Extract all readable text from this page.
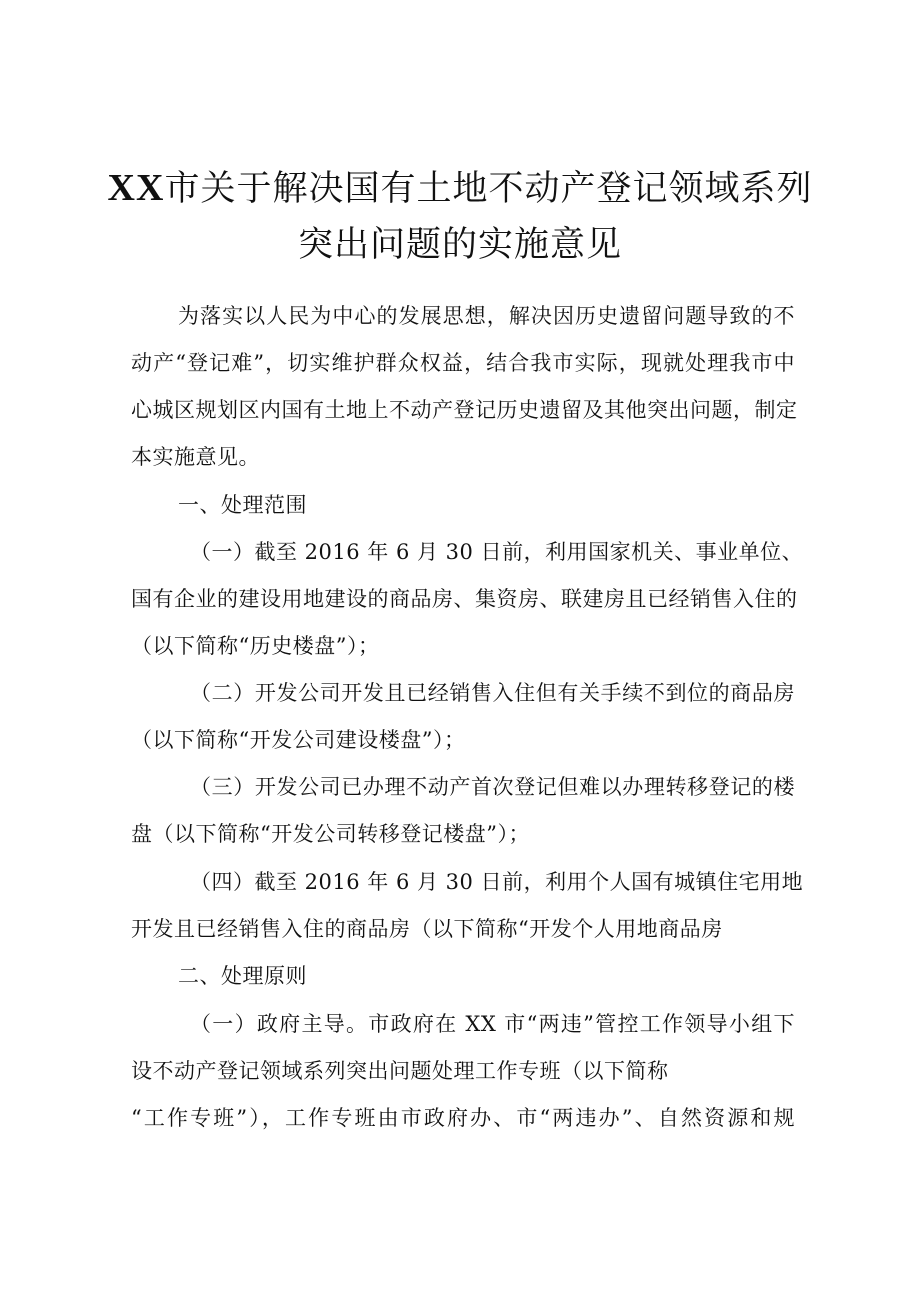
XX市关于解决国有土地不动产登记领域系列
突出问题的实施意见
为落实以人民为中心的发展思想，解决因历史遗留问题导致的不
动产“登记难”，切实维护群众权益，结合我市实际，现就处理我市中
心城区规划区内国有土地上不动产登记历史遗留及其他突出问题，制定
本实施意见。
一、处理范围
（一）截至 2016 年 6 月 30 日前，利用国家机关、事业单位、
国有企业的建设用地建设的商品房、集资房、联建房且已经销售入住的
（以下简称“历史楼盘”）；
（二）开发公司开发且已经销售入住但有关手续不到位的商品房
（以下简称“开发公司建设楼盘”）；
（三）开发公司已办理不动产首次登记但难以办理转移登记的楼
盘（以下简称“开发公司转移登记楼盘”）；
（四）截至 2016 年 6 月 30 日前，利用个人国有城镇住宅用地
开发且已经销售入住的商品房（以下简称“开发个人用地商品房
二、处理原则
（一）政府主导。市政府在 XX 市“两违”管控工作领导小组下
设不动产登记领域系列突出问题处理工作专班（以下简称
“工作专班”），工作专班由市政府办、市“两违办”、自然资源和规
